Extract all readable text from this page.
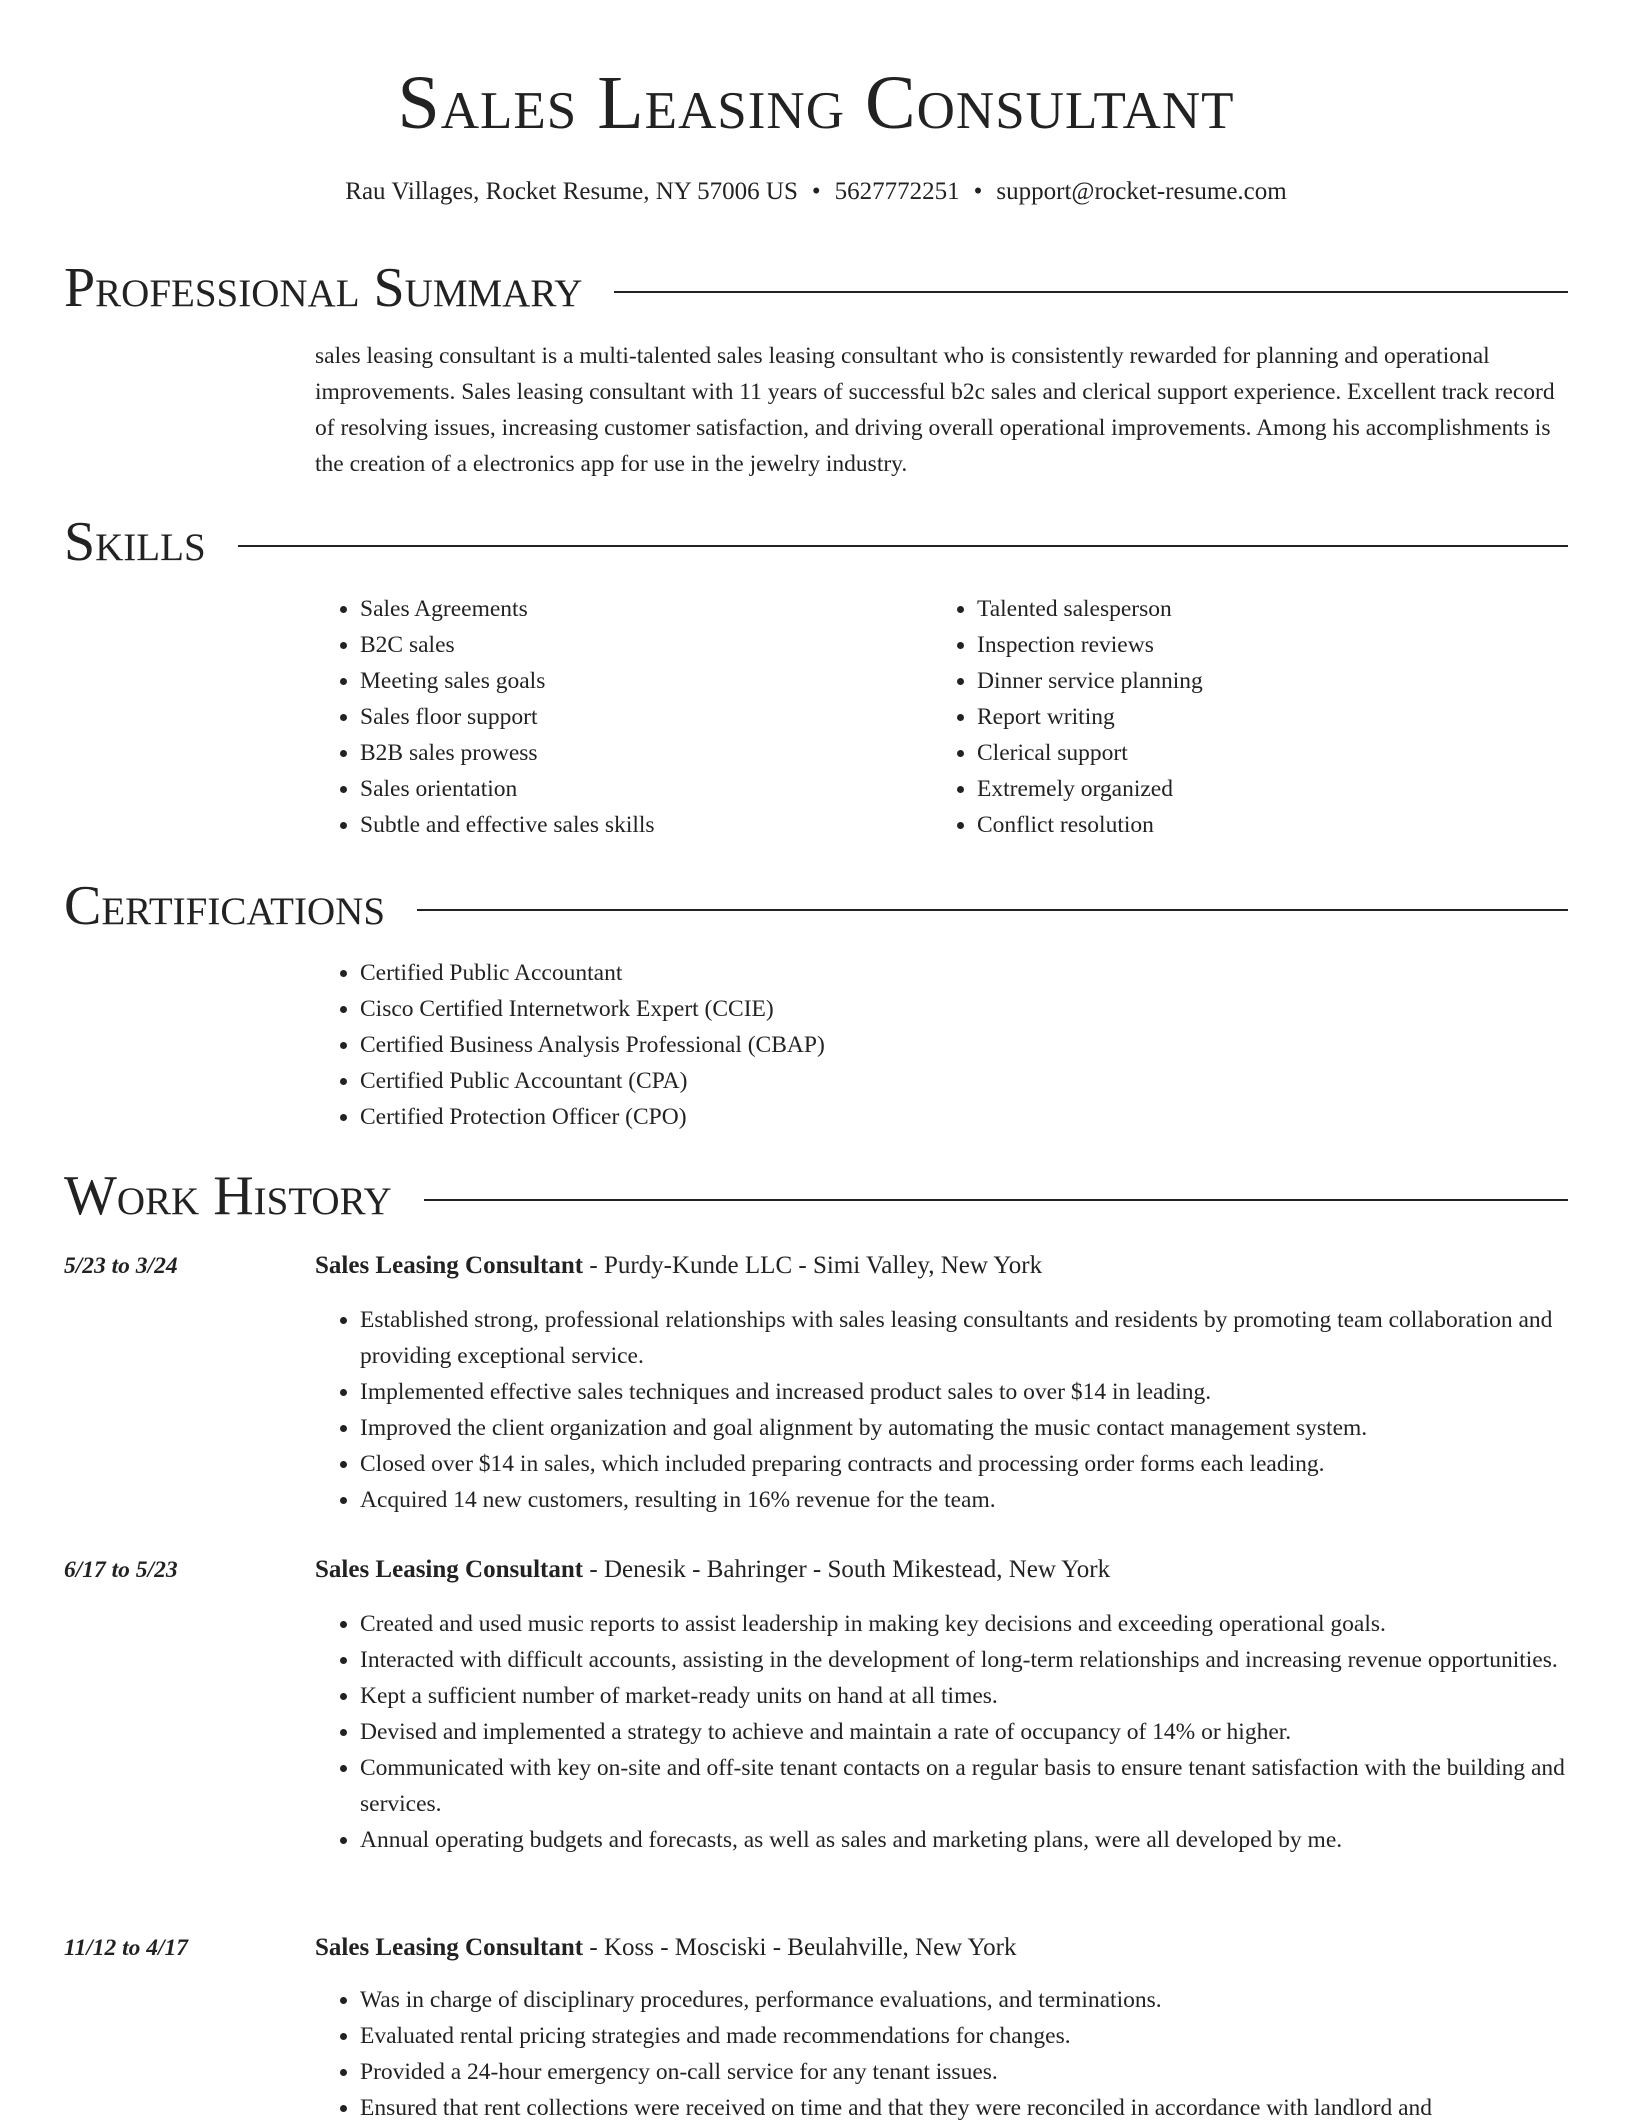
Sales Leasing Consultant
Rau Villages, Rocket Resume, NY 57006 US • 5627772251 • support@rocket-resume.com
Professional Summary

sales leasing consultant is a multi-talented sales leasing consultant who is consistently rewarded for planning and operational improvements. Sales leasing consultant with 11 years of successful b2c sales and clerical support experience. Excellent track record of resolving issues, increasing customer satisfaction, and driving overall operational improvements. Among his accomplishments is the creation of a electronics app for use in the jewelry industry.

Skills
• Sales Agreements
• B2C sales
• Meeting sales goals
• Sales floor support
• B2B sales prowess
• Sales orientation
• Subtle and effective sales skills
• Talented salesperson
• Inspection reviews
• Dinner service planning
• Report writing
• Clerical support
• Extremely organized
• Conflict resolution
Certifications
• Certified Public Accountant
• Cisco Certified Internetwork Expert (CCIE)
• Certified Business Analysis Professional (CBAP)
• Certified Public Accountant (CPA)
• Certified Protection Officer (CPO)
Work History
5/23 to 3/24	Sales Leasing Consultant - Purdy-Kunde LLC - Simi Valley, New York
• Established strong, professional relationships with sales leasing consultants and residents by promoting team collaboration and providing exceptional service.
• Implemented effective sales techniques and increased product sales to over $14 in leading.
• Improved the client organization and goal alignment by automating the music contact management system.
• Closed over $14 in sales, which included preparing contracts and processing order forms each leading.
• Acquired 14 new customers, resulting in 16% revenue for the team.
6/17 to 5/23	Sales Leasing Consultant - Denesik - Bahringer - South Mikestead, New York
• Created and used music reports to assist leadership in making key decisions and exceeding operational goals.
• Interacted with difficult accounts, assisting in the development of long-term relationships and increasing revenue opportunities.
• Kept a sufficient number of market-ready units on hand at all times.
• Devised and implemented a strategy to achieve and maintain a rate of occupancy of 14% or higher.
• Communicated with key on-site and off-site tenant contacts on a regular basis to ensure tenant satisfaction with the building and services.
• Annual operating budgets and forecasts, as well as sales and marketing plans, were all developed by me.
11/12 to 4/17	Sales Leasing Consultant - Koss - Mosciski - Beulahville, New York
• Was in charge of disciplinary procedures, performance evaluations, and terminations.
• Evaluated rental pricing strategies and made recommendations for changes.
• Provided a 24-hour emergency on-call service for any tenant issues.
• Ensured that rent collections were received on time and that they were reconciled in accordance with landlord and
